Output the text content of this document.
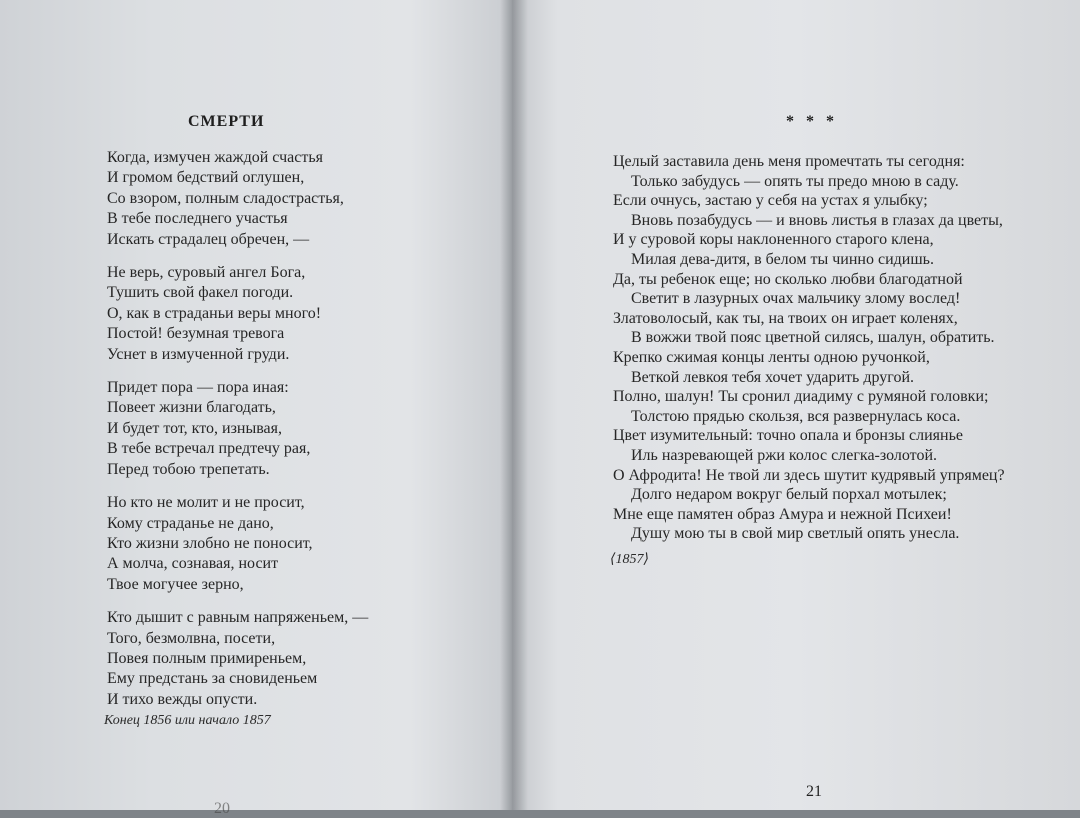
СМЕРТИ
Когда, измучен жаждой счастья
И громом бедствий оглушен,
Со взором, полным сладострастья,
В тебе последнего участья
Искать страдалец обречен, —
Не верь, суровый ангел Бога,
Тушить свой факел погоди.
О, как в страданьи веры много!
Постой! безумная тревога
Уснет в измученной груди.
Придет пора — пора иная:
Повеет жизни благодать,
И будет тот, кто, изнывая,
В тебе встречал предтечу рая,
Перед тобою трепетать.
Но кто не молит и не просит,
Кому страданье не дано,
Кто жизни злобно не поносит,
А молча, сознавая, носит
Твое могучее зерно,
Кто дышит с равным напряженьем, —
Того, безмолвна, посети,
Повея полным примиреньем,
Ему предстань за сновиденьем
И тихо вежды опусти.
Конец 1856 или начало 1857
20
* * *
Целый заставила день меня промечтать ты сегодня:
Только забудусь — опять ты предо мною в саду.
Если очнусь, застаю у себя на устах я улыбку;
Вновь позабудусь — и вновь листья в глазах да цветы,
И у суровой коры наклоненного старого клена,
Милая дева-дитя, в белом ты чинно сидишь.
Да, ты ребенок еще; но сколько любви благодатной
Светит в лазурных очах мальчику злому вослед!
Златоволосый, как ты, на твоих он играет коленях,
В вожжи твой пояс цветной силясь, шалун, обратить.
Крепко сжимая концы ленты одною ручонкой,
Веткой левкоя тебя хочет ударить другой.
Полно, шалун! Ты сронил диадиму с румяной головки;
Толстою прядью скользя, вся развернулась коса.
Цвет изумительный: точно опала и бронзы слиянье
Иль назревающей ржи колос слегка-золотой.
О Афродита! Не твой ли здесь шутит кудрявый упрямец?
Долго недаром вокруг белый порхал мотылек;
Мне еще памятен образ Амура и нежной Психеи!
Душу мою ты в свой мир светлый опять унесла.
⟨1857⟩
21
